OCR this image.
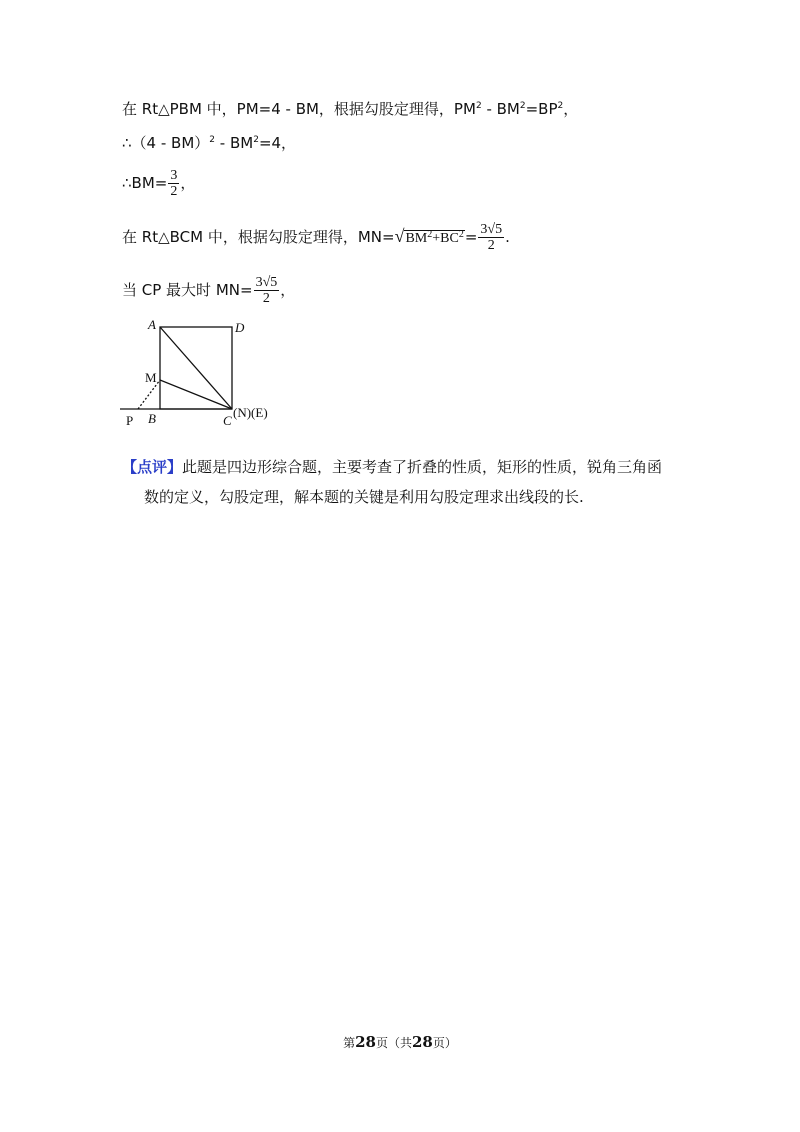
在 Rt△PBM 中，PM=4 - BM，根据勾股定理得，$PM^2 - BM^2=BP^2$，
∴（4 - $BM)^2 - BM^2=4$，
∴BM= $\frac{3}{2}$ ，
在 Rt△BCM 中，根据勾股定理得，$MN=√BM^2+BC^2= \frac{3√5}{2}$ .
当 CP 最大时 $MN= \frac{3√5}{2}$ ，
A	D
M
P B	C
(N)(E)
【点评】此题是四边形综合题，主要考查了折叠的性质，矩形的性质，锐角三角函
数的定义，勾股定理，解本题的关键是利用勾股定理求出线段的长.
第28页（共28页）
